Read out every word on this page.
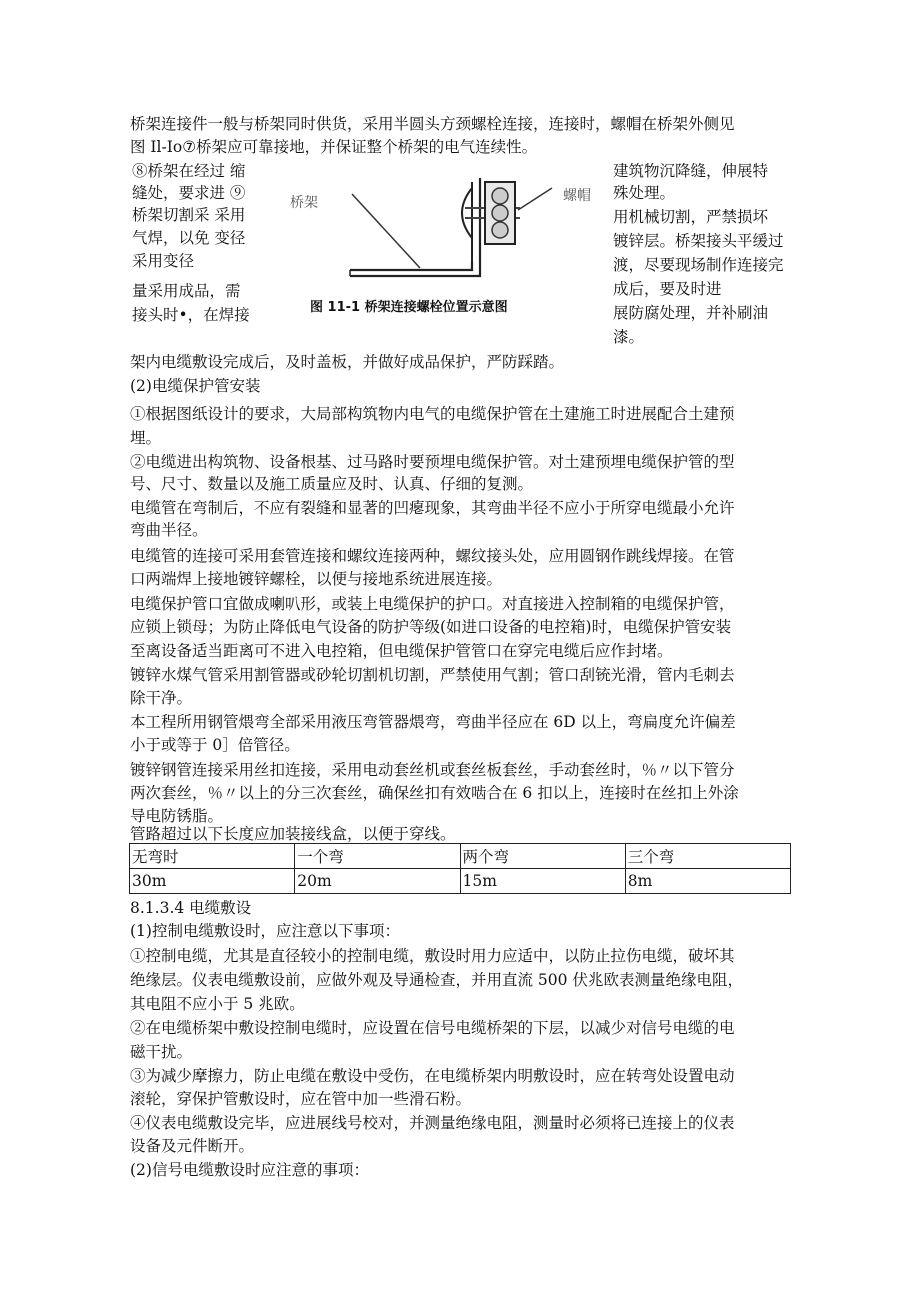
桥架连接件一般与桥架同时供货，采用半圆头方颈螺栓连接，连接时，螺帽在桥架外侧见
图 Il-Io⑦桥架应可靠接地，并保证整个桥架的电气连续性。
⑧桥架在经过 缩
缝处，要求进 ⑨
桥架切割采 采用
气焊，以免 变径
采用变径
量采用成品，需
接头时•，在焊接
桥架	螺帽
图 11-1 桥架连接螺栓位置示意图
建筑物沉降缝，伸展特
殊处理。
用机械切割，严禁损坏
镀锌层。桥架接头平缓过
渡，尽要现场制作连接完
成后，要及时进
展防腐处理，并补刷油
漆。
架内电缆敷设完成后，及时盖板，并做好成品保护，严防踩踏。
(2)电缆保护管安装
①根据图纸设计的要求，大局部构筑物内电气的电缆保护管在土建施工时进展配合土建预
埋。
②电缆进出构筑物、设备根基、过马路时要预埋电缆保护管。对土建预埋电缆保护管的型
号、尺寸、数量以及施工质量应及时、认真、仔细的复测。
电缆管在弯制后，不应有裂缝和显著的凹瘪现象，其弯曲半径不应小于所穿电缆最小允许
弯曲半径。
电缆管的连接可采用套管连接和螺纹连接两种，螺纹接头处，应用圆钢作跳线焊接。在管
口两端焊上接地镀锌螺栓，以便与接地系统进展连接。
电缆保护管口宜做成喇叭形，或装上电缆保护的护口。对直接进入控制箱的电缆保护管，
应锁上锁母；为防止降低电气设备的防护等级(如进口设备的电控箱)时，电缆保护管安装
至离设备适当距离可不进入电控箱，但电缆保护管管口在穿完电缆后应作封堵。
镀锌水煤气管采用割管器或砂轮切割机切割，严禁使用气割；管口刮铳光滑，管内毛刺去
除干净。
本工程所用钢管煨弯全部采用液压弯管器煨弯，弯曲半径应在 6D 以上，弯扁度允许偏差
小于或等于 0］倍管径。
镀锌钢管连接采用丝扣连接，采用电动套丝机或套丝板套丝，手动套丝时，％〃以下管分
两次套丝，％〃以上的分三次套丝，确保丝扣有效啮合在 6 扣以上，连接时在丝扣上外涂
导电防锈脂。
管路超过以下长度应加装接线盒，以便于穿线。
无弯时	一个弯	两个弯	三个弯
30m	20m	15m	8m
8.1.3.4 电缆敷设
(1)控制电缆敷设时，应注意以下事项：
①控制电缆，尤其是直径较小的控制电缆，敷设时用力应适中，以防止拉伤电缆，破坏其
绝缘层。仪表电缆敷设前，应做外观及导通检查，并用直流 500 伏兆欧表测量绝缘电阻，
其电阻不应小于 5 兆欧。
②在电缆桥架中敷设控制电缆时，应设置在信号电缆桥架的下层，以减少对信号电缆的电
磁干扰。
③为减少摩擦力，防止电缆在敷设中受伤，在电缆桥架内明敷设时，应在转弯处设置电动
滚轮，穿保护管敷设时，应在管中加一些滑石粉。
④仪表电缆敷设完毕，应进展线号校对，并测量绝缘电阻，测量时必须将已连接上的仪表
设备及元件断开。
(2)信号电缆敷设时应注意的事项：
